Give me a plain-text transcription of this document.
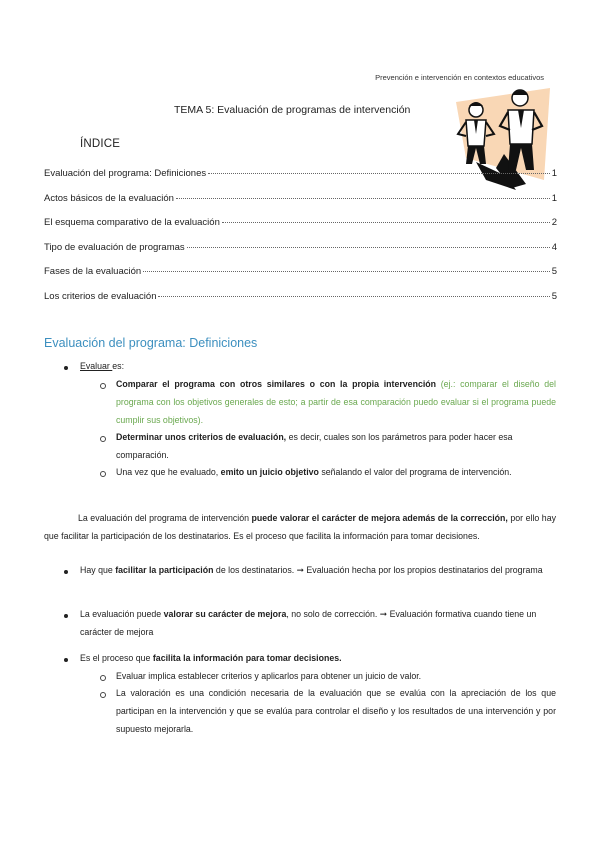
Prevención e intervención en contextos educativos
TEMA 5: Evaluación de programas de intervención
ÍNDICE
Evaluación del programa: Definiciones	1
Actos básicos de la evaluación	1
El esquema comparativo de la evaluación	2
Tipo de evaluación de programas	4
Fases de la evaluación	5
Los criterios de evaluación	5
Evaluación del programa: Definiciones
Evaluar es:
Comparar el programa con otros similares o con la propia intervención (ej.: comparar el diseño del programa con los objetivos generales de esto; a partir de esa comparación puedo evaluar si el programa puede cumplir sus objetivos).
Determinar unos criterios de evaluación, es decir, cuales son los parámetros para poder hacer esa comparación.
Una vez que he evaluado, emito un juicio objetivo señalando el valor del programa de intervención.
La evaluación del programa de intervención puede valorar el carácter de mejora además de la corrección, por ello hay que facilitar la participación de los destinatarios. Es el proceso que facilita la información para tomar decisiones.
Hay que facilitar la participación de los destinatarios. ➞ Evaluación hecha por los propios destinatarios del programa
La evaluación puede valorar su carácter de mejora, no solo de corrección. ➞ Evaluación formativa cuando tiene un carácter de mejora
Es el proceso que facilita la información para tomar decisiones.
Evaluar implica establecer criterios y aplicarlos para obtener un juicio de valor.
La valoración es una condición necesaria de la evaluación que se evalúa con la apreciación de los que participan en la intervención y que se evalúa para controlar el diseño y los resultados de una intervención y por supuesto mejorarla.
